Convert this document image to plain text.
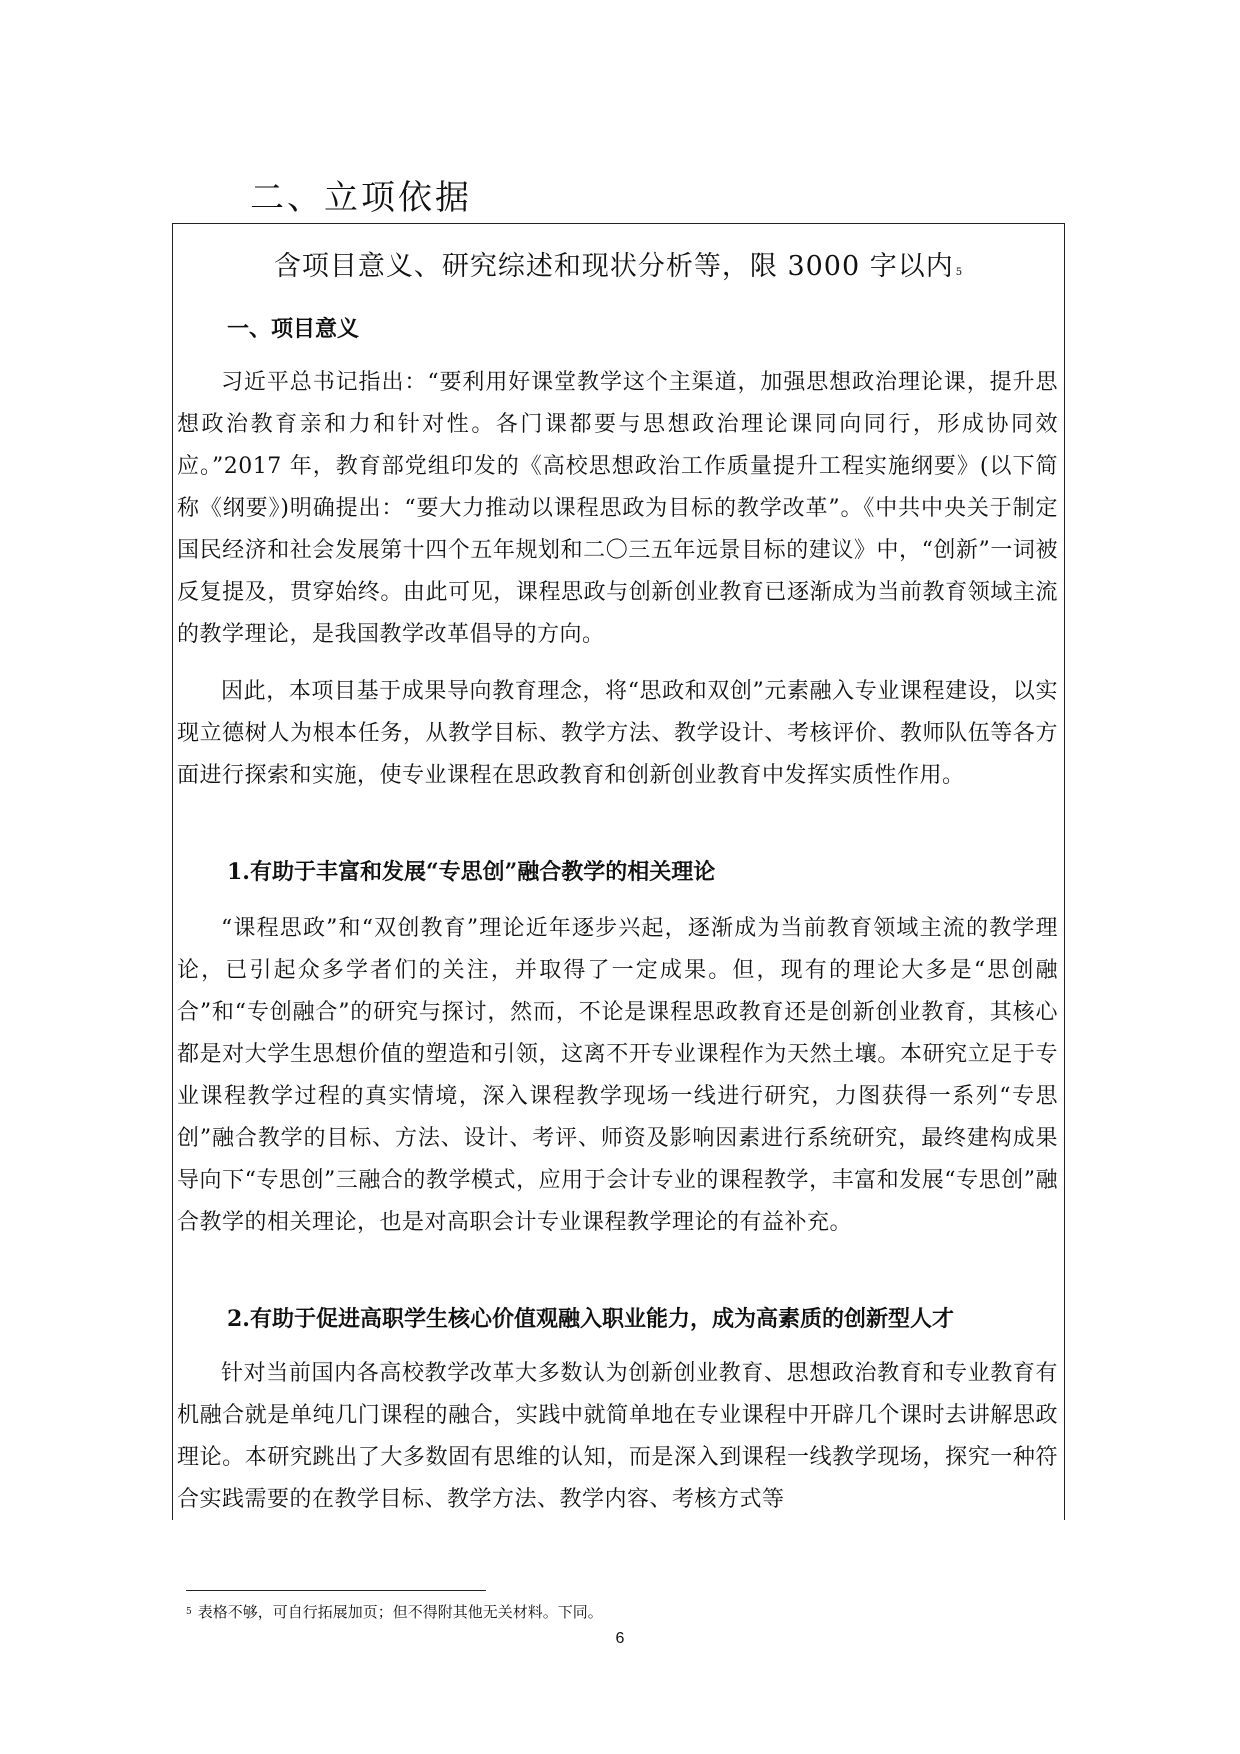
二、立项依据
含项目意义、研究综述和现状分析等，限 3000 字以内 $^5$
一、项目意义
习近平总书记指出：“要利用好课堂教学这个主渠道，加强思想政治理论课，提升思想政治教育亲和力和针对性。各门课都要与思想政治理论课同向同行，形成协同效应。”2017 年，教育部党组印发的《高校思想政治工作质量提升工程实施纲要》(以下简称《纲要》)明确提出：“要大力推动以课程思政为目标的教学改革”。《中共中央关于制定国民经济和社会发展第十四个五年规划和二〇三五年远景目标的建议》中，“创新”一词被反复提及，贯穿始终。由此可见，课程思政与创新创业教育已逐渐成为当前教育领域主流的教学理论，是我国教学改革倡导的方向。
因此，本项目基于成果导向教育理念，将“思政和双创”元素融入专业课程建设，以实现立德树人为根本任务，从教学目标、教学方法、教学设计、考核评价、教师队伍等各方面进行探索和实施，使专业课程在思政教育和创新创业教育中发挥实质性作用。
1.有助于丰富和发展“专思创”融合教学的相关理论
“课程思政”和“双创教育”理论近年逐步兴起，逐渐成为当前教育领域主流的教学理论，已引起众多学者们的关注，并取得了一定成果。但，现有的理论大多是“思创融合”和“专创融合”的研究与探讨，然而，不论是课程思政教育还是创新创业教育，其核心都是对大学生思想价值的塑造和引领，这离不开专业课程作为天然土壤。本研究立足于专业课程教学过程的真实情境，深入课程教学现场一线进行研究，力图获得一系列“专思创”融合教学的目标、方法、设计、考评、师资及影响因素进行系统研究，最终建构成果导向下“专思创”三融合的教学模式，应用于会计专业的课程教学，丰富和发展“专思创”融合教学的相关理论，也是对高职会计专业课程教学理论的有益补充。
2.有助于促进高职学生核心价值观融入职业能力，成为高素质的创新型人才
针对当前国内各高校教学改革大多数认为创新创业教育、思想政治教育和专业教育有机融合就是单纯几门课程的融合，实践中就简单地在专业课程中开辟几个课时去讲解思政理论。本研究跳出了大多数固有思维的认知，而是深入到课程一线教学现场，探究一种符合实践需要的在教学目标、教学方法、教学内容、考核方式等
$^5$ 表格不够，可自行拓展加页；但不得附其他无关材料。下同。
6
